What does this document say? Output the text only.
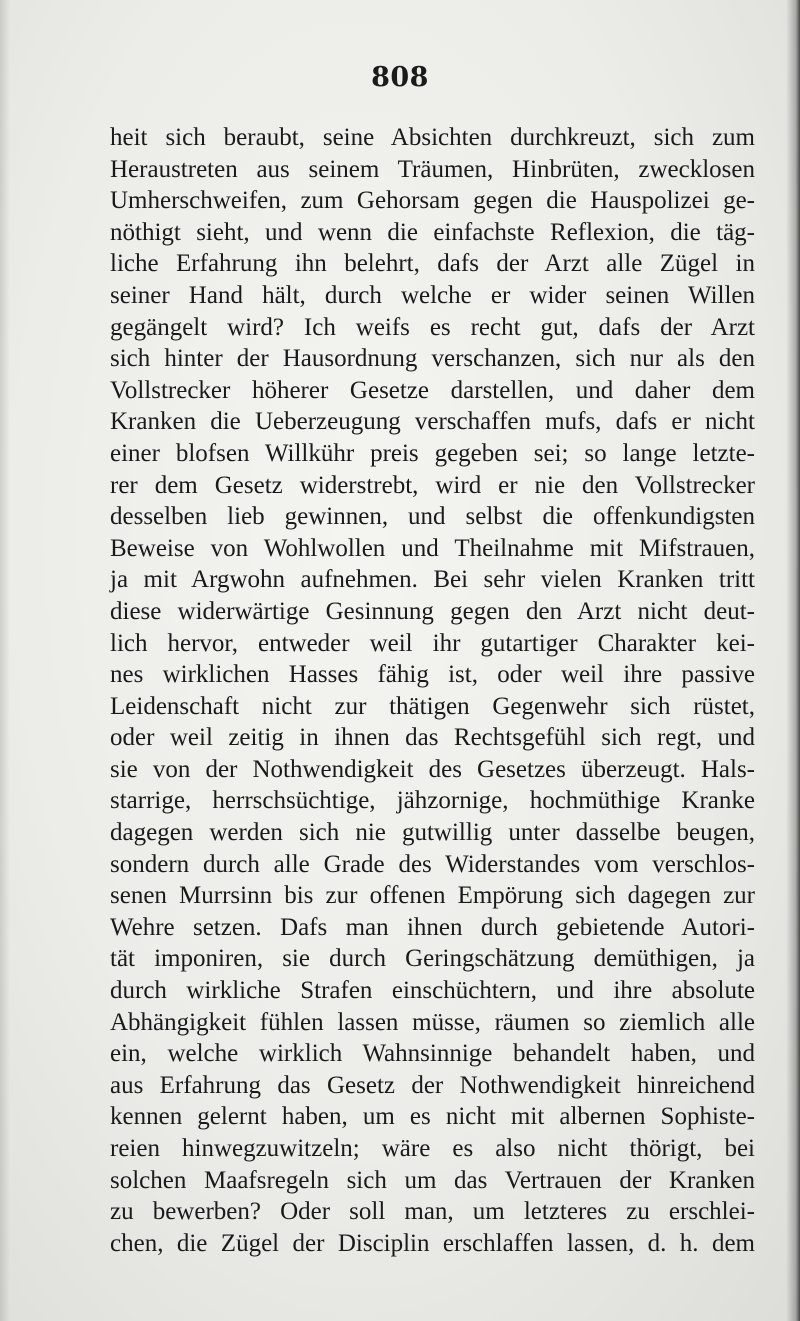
808
heit sich beraubt, seine Absichten durchkreuzt, sich zum
Heraustreten aus seinem Träumen, Hinbrüten, zwecklosen
Umherschweifen, zum Gehorsam gegen die Hauspolizei ge-
nöthigt sieht, und wenn die einfachste Reflexion, die täg-
liche Erfahrung ihn belehrt, dafs der Arzt alle Zügel in
seiner Hand hält, durch welche er wider seinen Willen
gegängelt wird? Ich weifs es recht gut, dafs der Arzt
sich hinter der Hausordnung verschanzen, sich nur als den
Vollstrecker höherer Gesetze darstellen, und daher dem
Kranken die Ueberzeugung verschaffen mufs, dafs er nicht
einer blofsen Willkühr preis gegeben sei; so lange letzte-
rer dem Gesetz widerstrebt, wird er nie den Vollstrecker
desselben lieb gewinnen, und selbst die offenkundigsten
Beweise von Wohlwollen und Theilnahme mit Mifstrauen,
ja mit Argwohn aufnehmen. Bei sehr vielen Kranken tritt
diese widerwärtige Gesinnung gegen den Arzt nicht deut-
lich hervor, entweder weil ihr gutartiger Charakter kei-
nes wirklichen Hasses fähig ist, oder weil ihre passive
Leidenschaft nicht zur thätigen Gegenwehr sich rüstet,
oder weil zeitig in ihnen das Rechtsgefühl sich regt, und
sie von der Nothwendigkeit des Gesetzes überzeugt. Hals-
starrige, herrschsüchtige, jähzornige, hochmüthige Kranke
dagegen werden sich nie gutwillig unter dasselbe beugen,
sondern durch alle Grade des Widerstandes vom verschlos-
senen Murrsinn bis zur offenen Empörung sich dagegen zur
Wehre setzen. Dafs man ihnen durch gebietende Autori-
tät imponiren, sie durch Geringschätzung demüthigen, ja
durch wirkliche Strafen einschüchtern, und ihre absolute
Abhängigkeit fühlen lassen müsse, räumen so ziemlich alle
ein, welche wirklich Wahnsinnige behandelt haben, und
aus Erfahrung das Gesetz der Nothwendigkeit hinreichend
kennen gelernt haben, um es nicht mit albernen Sophiste-
reien hinwegzuwitzeln; wäre es also nicht thörigt, bei
solchen Maafsregeln sich um das Vertrauen der Kranken
zu bewerben? Oder soll man, um letzteres zu erschlei-
chen, die Zügel der Disciplin erschlaffen lassen, d. h. dem
